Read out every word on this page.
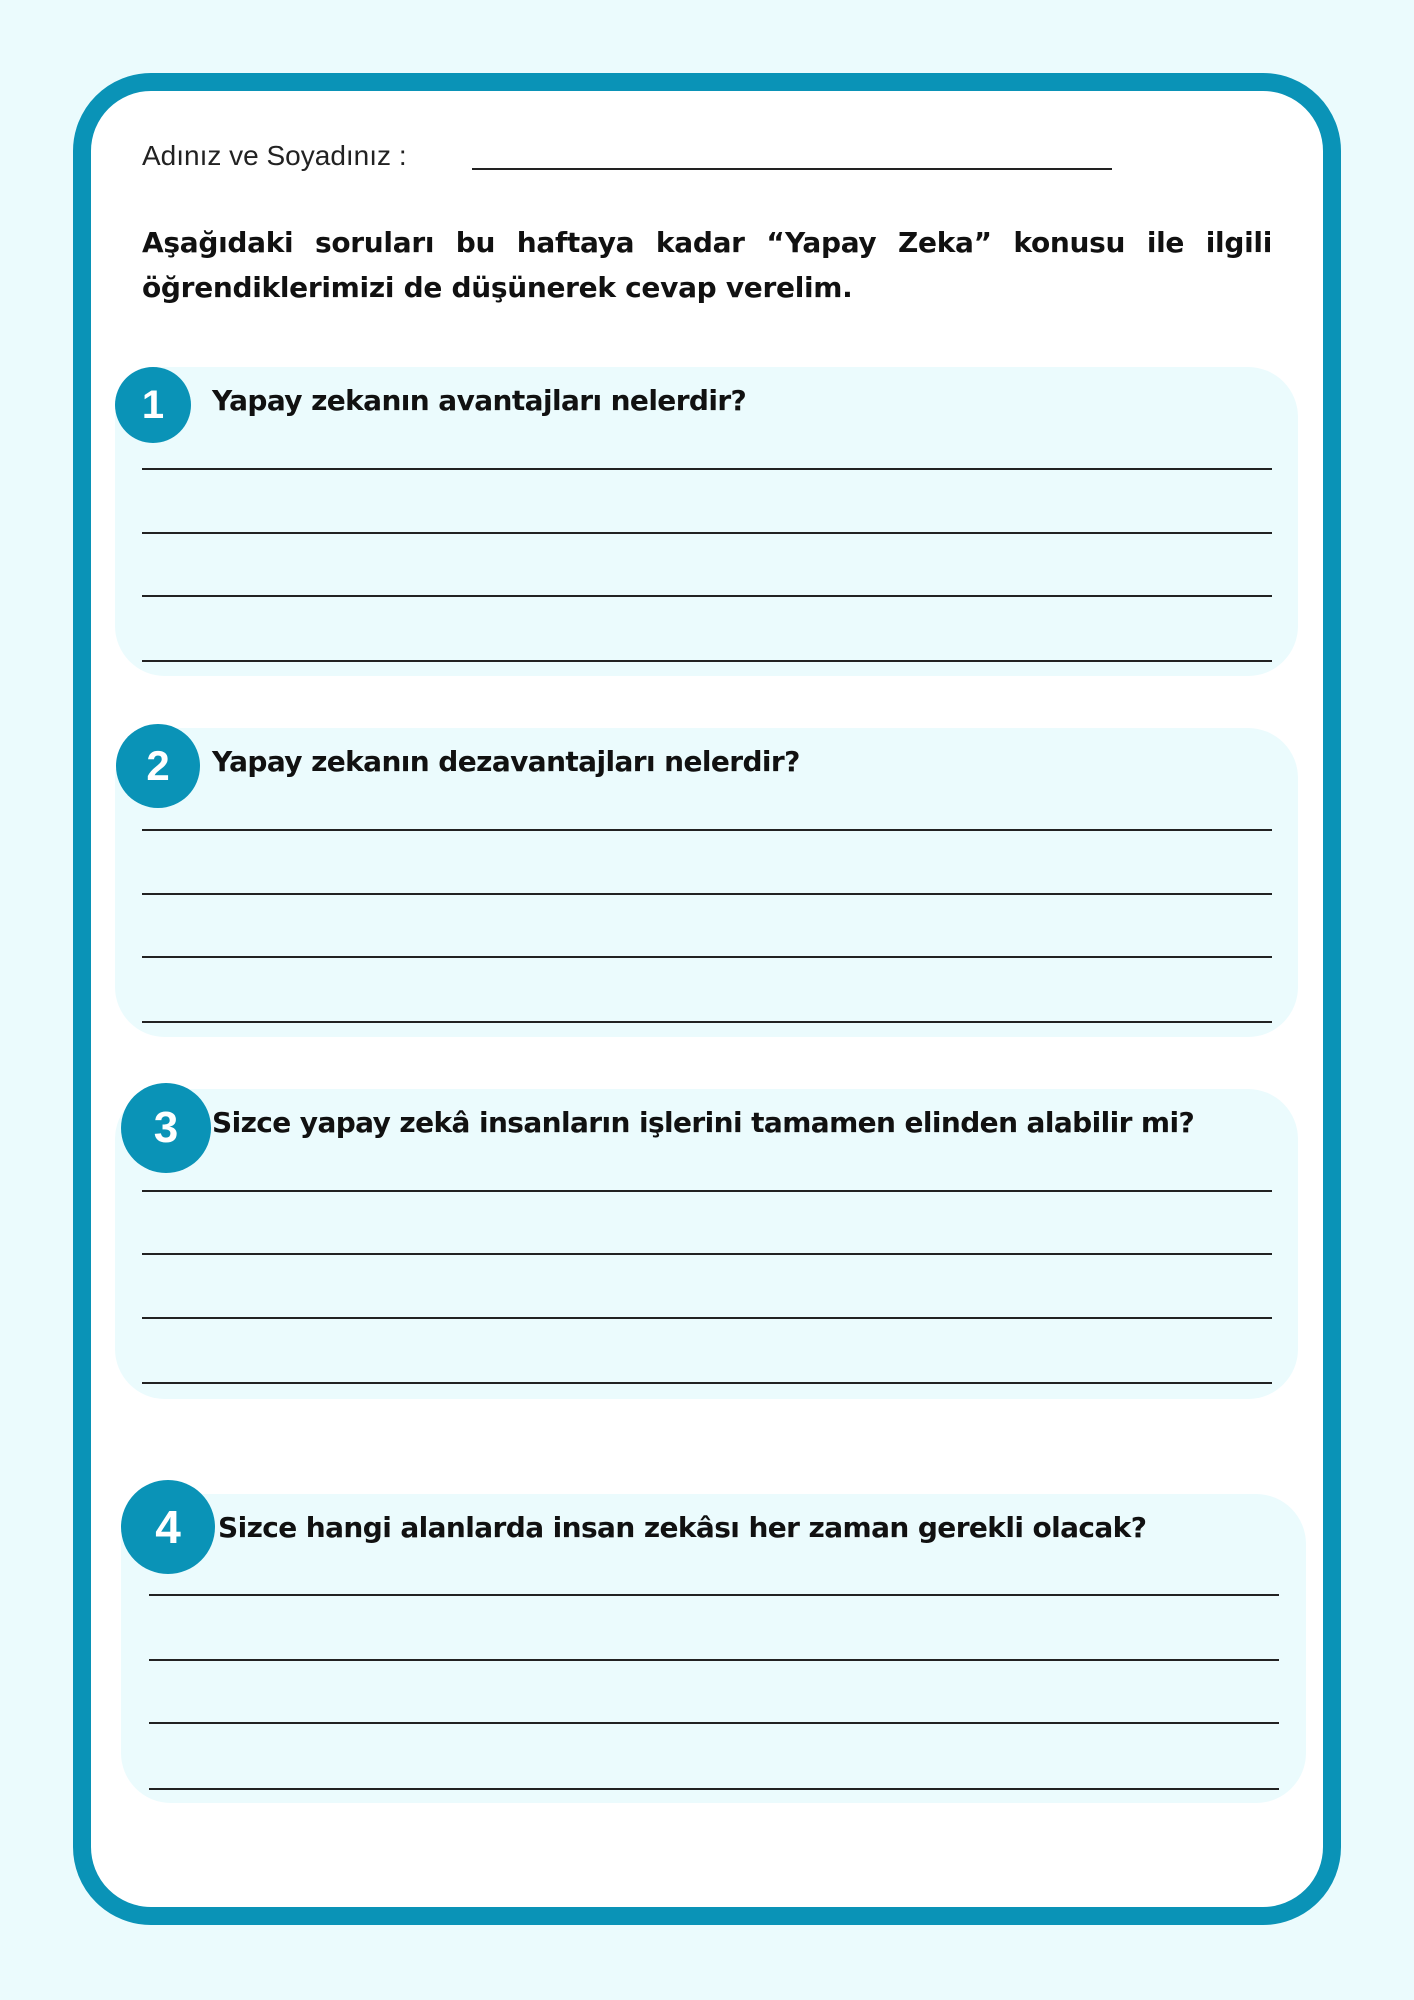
Adınız ve Soyadınız :
Aşağıdaki soruları bu haftaya kadar “Yapay Zeka” konusu ile ilgili öğrendiklerimizi de düşünerek cevap verelim.
1	Yapay zekanın avantajları nelerdir?
2	Yapay zekanın dezavantajları nelerdir?
3	Sizce yapay zekâ insanların işlerini tamamen elinden alabilir mi?
4	Sizce hangi alanlarda insan zekâsı her zaman gerekli olacak?
